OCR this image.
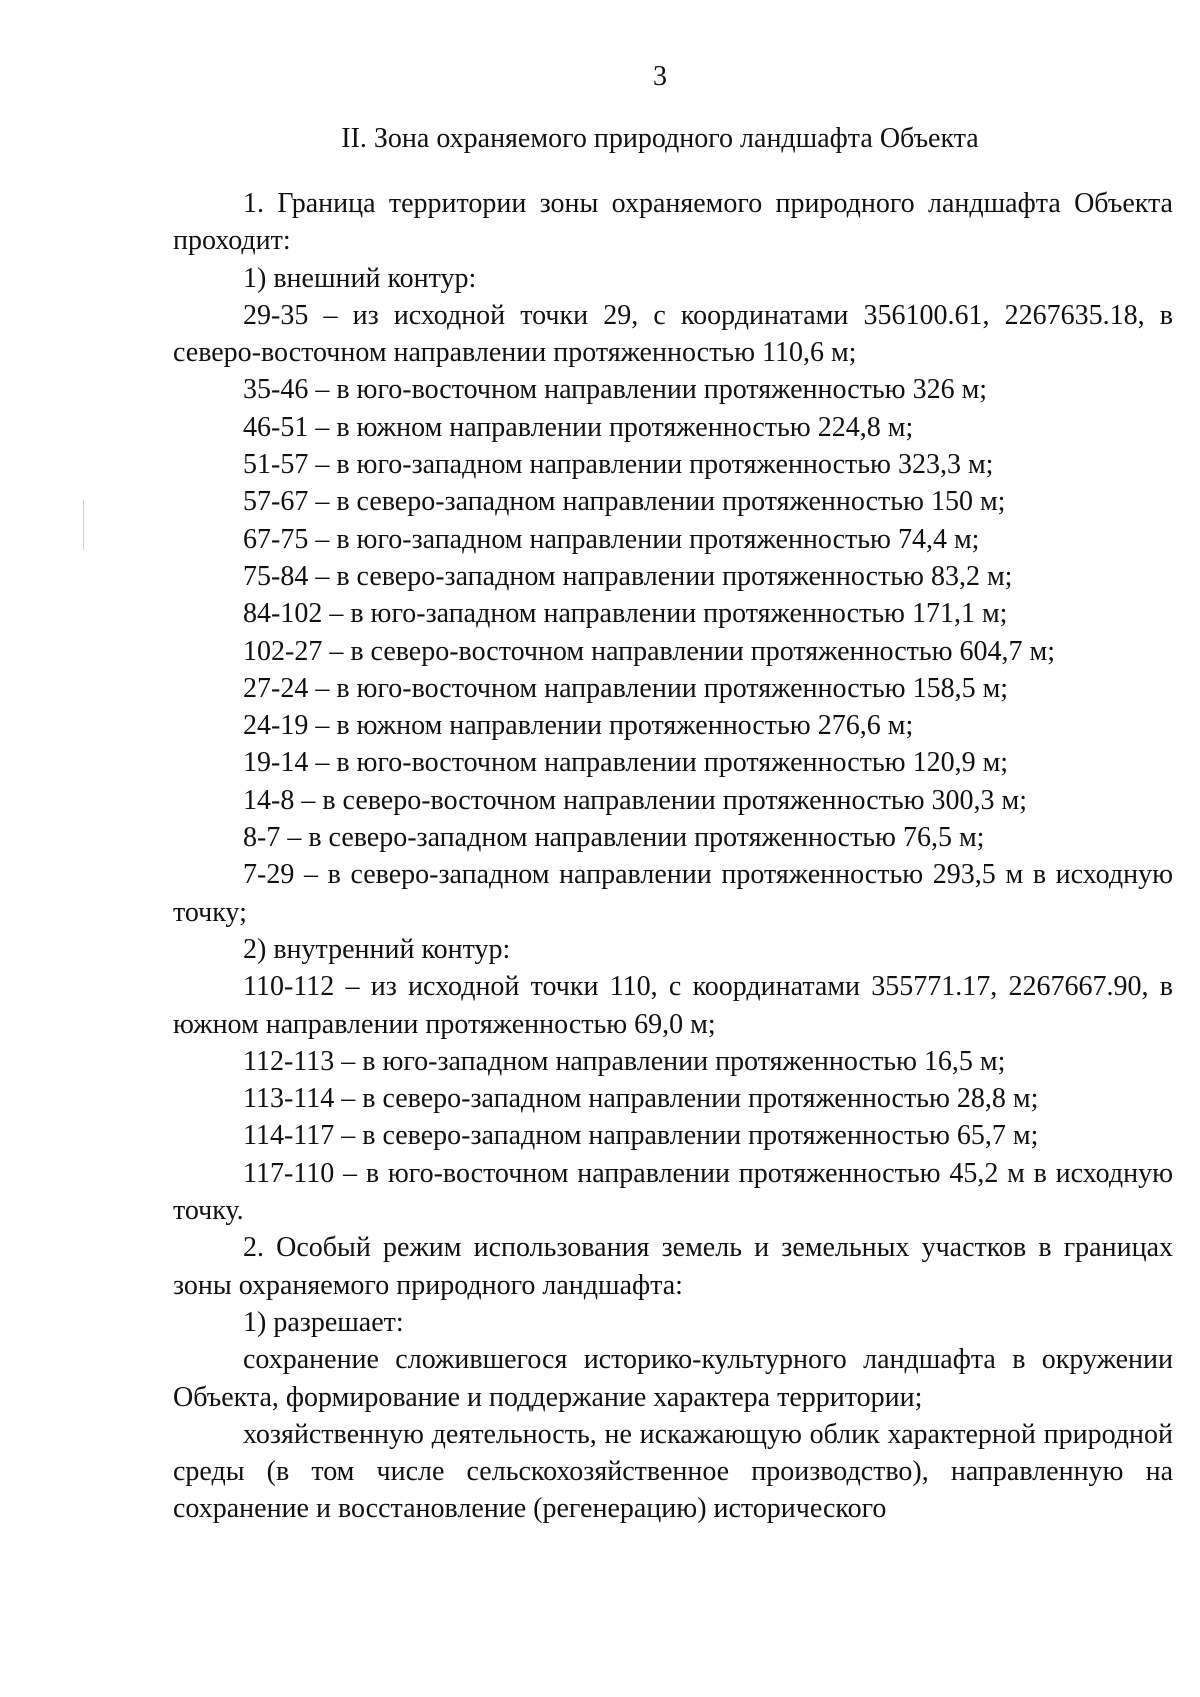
3
II. Зона охраняемого природного ландшафта Объекта

1. Граница территории зоны охраняемого природного ландшафта Объекта проходит:

1) внешний контур:

29-35 – из исходной точки 29, с координатами 356100.61, 2267635.18, в северо-восточном направлении протяженностью 110,6 м;

35-46 – в юго-восточном направлении протяженностью 326 м;

46-51 – в южном направлении протяженностью 224,8 м;

51-57 – в юго-западном направлении протяженностью 323,3 м;

57-67 – в северо-западном направлении протяженностью 150 м;

67-75 – в юго-западном направлении протяженностью 74,4 м;

75-84 – в северо-западном направлении протяженностью 83,2 м;

84-102 – в юго-западном направлении протяженностью 171,1 м;

102-27 – в северо-восточном направлении протяженностью 604,7 м;

27-24 – в юго-восточном направлении протяженностью 158,5 м;

24-19 – в южном направлении протяженностью 276,6 м;

19-14 – в юго-восточном направлении протяженностью 120,9 м;

14-8 – в северо-восточном направлении протяженностью 300,3 м;

8-7 – в северо-западном направлении протяженностью 76,5 м;

7-29 – в северо-западном направлении протяженностью 293,5 м в исходную точку;

2) внутренний контур:

110-112 – из исходной точки 110, с координатами 355771.17, 2267667.90, в южном направлении протяженностью 69,0 м;

112-113 – в юго-западном направлении протяженностью 16,5 м;

113-114 – в северо-западном направлении протяженностью 28,8 м;

114-117 – в северо-западном направлении протяженностью 65,7 м;

117-110 – в юго-восточном направлении протяженностью 45,2 м в исходную точку.

2. Особый режим использования земель и земельных участков в границах зоны охраняемого природного ландшафта:

1) разрешает:

сохранение сложившегося историко-культурного ландшафта в окружении Объекта, формирование и поддержание характера территории;

хозяйственную деятельность, не искажающую облик характерной природной среды (в том числе сельскохозяйственное производство), направленную на сохранение и восстановление (регенерацию) исторического
